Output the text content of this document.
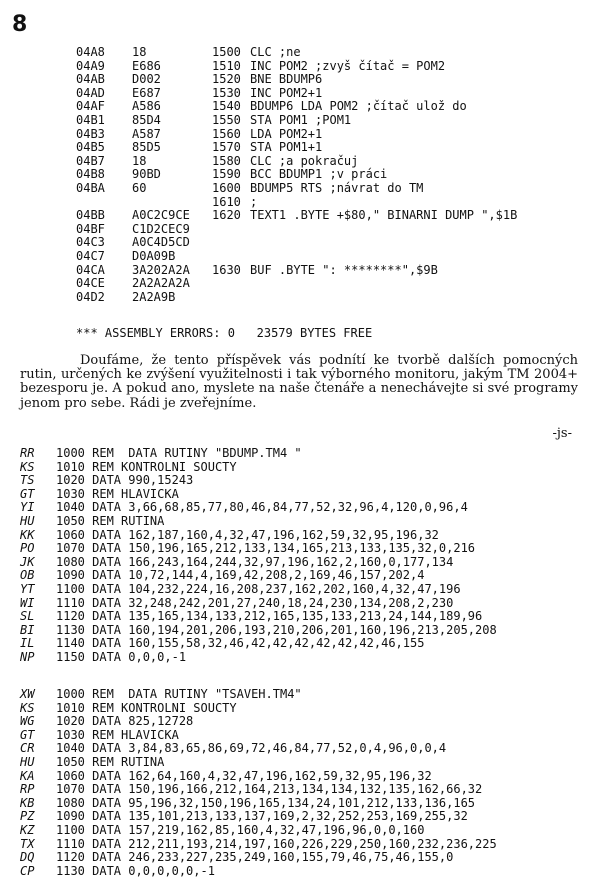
8
04A8 18	1500 CLC ;ne
04A9 E686	1510 INC POM2 ;zvyš čítač = POM2
04AB D002	1520 BNE BDUMP6
04AD E687	1530 INC POM2+1
04AF A586	1540 BDUMP6 LDA POM2 ;čítač ulož do
04B1 85D4	1550 STA POM1 ;POM1
04B3 A587	1560 LDA POM2+1
04B5 85D5	1570 STA POM1+1
04B7 18	1580 CLC ;a pokračuj
04B8 90BD	1590 BCC BDUMP1 ;v práci
04BA 60	1600 BDUMP5 RTS ;návrat do TM
1610 ;
04BB A0C2C9CE 1620 TEXT1 .BYTE +$80," BINARNI DUMP ",$1B
04BF C1D2CEC9
04C3 A0C4D5CD
04C7 D0A09B
04CA 3A202A2A 1630 BUF .BYTE ": ********",$9B
04CE 2A2A2A2A
04D2 2A2A9B
*** ASSEMBLY ERRORS: 0   23579 BYTES FREE

Doufáme, že tento příspěvek vás podnítí ke tvorbě dalších pomocných rutin, určených ke zvýšení využitelnosti i tak výborného monitoru, jakým TM 2004+ bezesporu je. A pokud ano, myslete na naše čtenáře a nenechávejte si své programy jenom pro sebe. Rádi je zveřejníme.

-js-
RR 1000 REM  DATA RUTINY "BDUMP.TM4 "
KS 1010 REM KONTROLNI SOUCTY
TS 1020 DATA 990,15243
GT 1030 REM HLAVICKA
YI 1040 DATA 3,66,68,85,77,80,46,84,77,52,32,96,4,120,0,96,4
HU 1050 REM RUTINA
KK 1060 DATA 162,187,160,4,32,47,196,162,59,32,95,196,32
PO 1070 DATA 150,196,165,212,133,134,165,213,133,135,32,0,216
JK 1080 DATA 166,243,164,244,32,97,196,162,2,160,0,177,134
OB 1090 DATA 10,72,144,4,169,42,208,2,169,46,157,202,4
YT 1100 DATA 104,232,224,16,208,237,162,202,160,4,32,47,196
WI 1110 DATA 32,248,242,201,27,240,18,24,230,134,208,2,230
SL 1120 DATA 135,165,134,133,212,165,135,133,213,24,144,189,96
BI 1130 DATA 160,194,201,206,193,210,206,201,160,196,213,205,208
IL 1140 DATA 160,155,58,32,46,42,42,42,42,42,42,46,155
NP 1150 DATA 0,0,0,-1
XW 1000 REM  DATA RUTINY "TSAVEH.TM4"
KS 1010 REM KONTROLNI SOUCTY
WG 1020 DATA 825,12728
GT 1030 REM HLAVICKA
CR 1040 DATA 3,84,83,65,86,69,72,46,84,77,52,0,4,96,0,0,4
HU 1050 REM RUTINA
KA 1060 DATA 162,64,160,4,32,47,196,162,59,32,95,196,32
RP 1070 DATA 150,196,166,212,164,213,134,134,132,135,162,66,32
KB 1080 DATA 95,196,32,150,196,165,134,24,101,212,133,136,165
PZ 1090 DATA 135,101,213,133,137,169,2,32,252,253,169,255,32
KZ 1100 DATA 157,219,162,85,160,4,32,47,196,96,0,0,160
TX 1110 DATA 212,211,193,214,197,160,226,229,250,160,232,236,225
DQ 1120 DATA 246,233,227,235,249,160,155,79,46,75,46,155,0
CP 1130 DATA 0,0,0,0,0,-1
